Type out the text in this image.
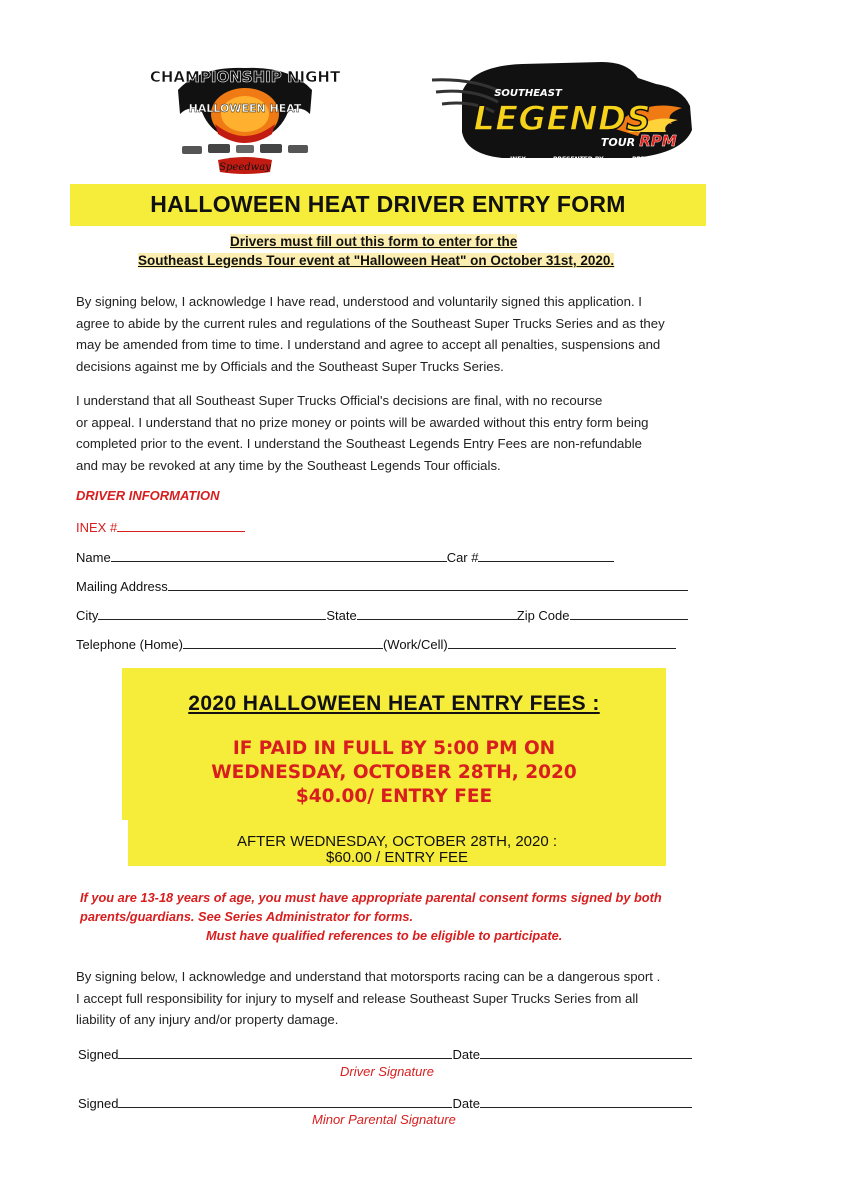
CHAMPIONSHIP NIGHT
HALLOWEEN HEAT
Speedway
SOUTHEAST
LEGENDS
TOUR RPM
INEX	PRESENTED BY	PERFORMANCE
HALLOWEEN HEAT DRIVER ENTRY FORM
Drivers must fill out this form to enter for the
Southeast Legends Tour event at "Halloween Heat" on October 31st, 2020.
By signing below, I acknowledge I have read, understood and voluntarily signed this application. I
agree to abide by the current rules and regulations of the Southeast Super Trucks Series and as they
may be amended from time to time. I understand and agree to accept all penalties, suspensions and
decisions against me by Officials and the Southeast Super Trucks Series.
I understand that all Southeast Super Trucks Official's decisions are final, with no recourse
or appeal. I understand that no prize money or points will be awarded without this entry form being
completed prior to the event. I understand the Southeast Legends Entry Fees are non-refundable
and may be revoked at any time by the Southeast Legends Tour officials.
DRIVER INFORMATION
INEX #
Name	Car #
Mailing Address
City	State	Zip Code
Telephone (Home)	(Work/Cell)
2020 HALLOWEEN HEAT ENTRY FEES :
IF PAID IN FULL BY 5:00 PM ON
WEDNESDAY, OCTOBER 28TH, 2020
$40.00/ ENTRY FEE
AFTER WEDNESDAY, OCTOBER 28TH, 2020 :
$60.00 / ENTRY FEE
If you are 13-18 years of age, you must have appropriate parental consent forms signed by both
parents/guardians. See Series Administrator for forms.
Must have qualified references to be eligible to participate.
By signing below, I acknowledge and understand that motorsports racing can be a dangerous sport .
I accept full responsibility for injury to myself and release Southeast Super Trucks Series from all
liability of any injury and/or property damage.
Signed	Date
Driver Signature
Signed	Date
Minor Parental Signature
